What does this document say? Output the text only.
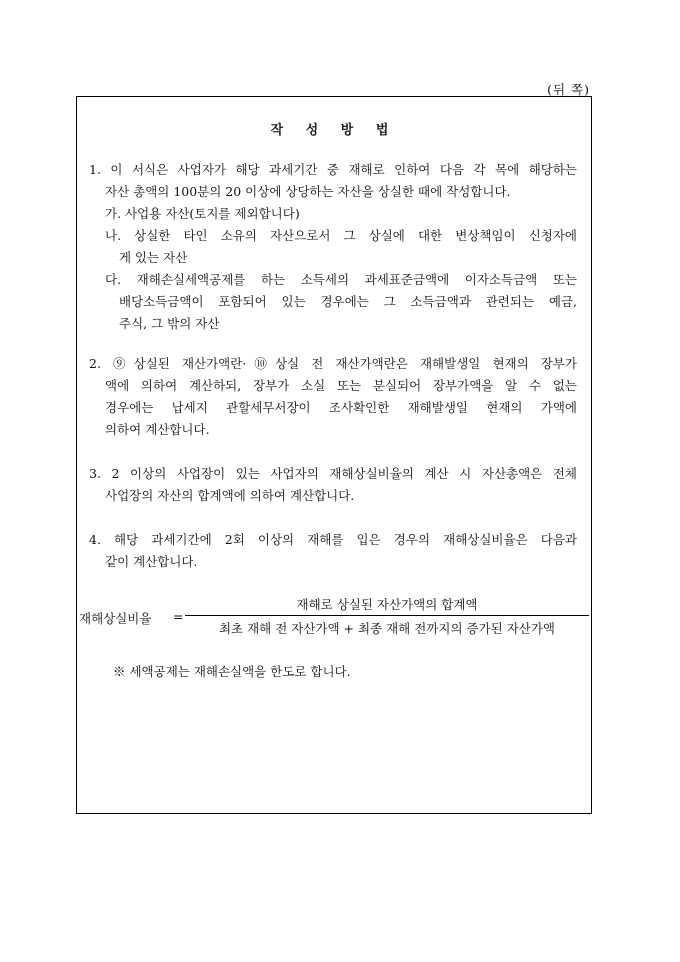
(뒤 쪽)
작 성 방 법
1. 이 서식은 사업자가 해당 과세기간 중 재해로 인하여 다음 각 목에 해당하는
자산 총액의 100분의 20 이상에 상당하는 자산을 상실한 때에 작성합니다.
가. 사업용 자산(토지를 제외합니다)
나. 상실한 타인 소유의 자산으로서 그 상실에 대한 변상책임이 신청자에
게 있는 자산
다. 재해손실세액공제를 하는 소득세의 과세표준금액에 이자소득금액 또는
배당소득금액이 포함되어 있는 경우에는 그 소득금액과 관련되는 예금,
주식, 그 밖의 자산
2. ⑨상실된 재산가액란·⑩상실 전 재산가액란은 재해발생일 현재의 장부가
액에 의하여 계산하되, 장부가 소실 또는 분실되어 장부가액을 알 수 없는
경우에는 납세지 관할세무서장이 조사확인한 재해발생일 현재의 가액에
의하여 계산합니다.
3. 2 이상의 사업장이 있는 사업자의 재해상실비율의 계산 시 자산총액은 전체
사업장의 자산의 합계액에 의하여 계산합니다.
4. 해당 과세기간에 2회 이상의 재해를 입은 경우의 재해상실비율은 다음과
같이 계산합니다.
재해상실비율 =
재해로 상실된 자산가액의 합계액
최초 재해 전 자산가액 + 최종 재해 전까지의 증가된 자산가액
※ 세액공제는 재해손실액을 한도로 합니다.
